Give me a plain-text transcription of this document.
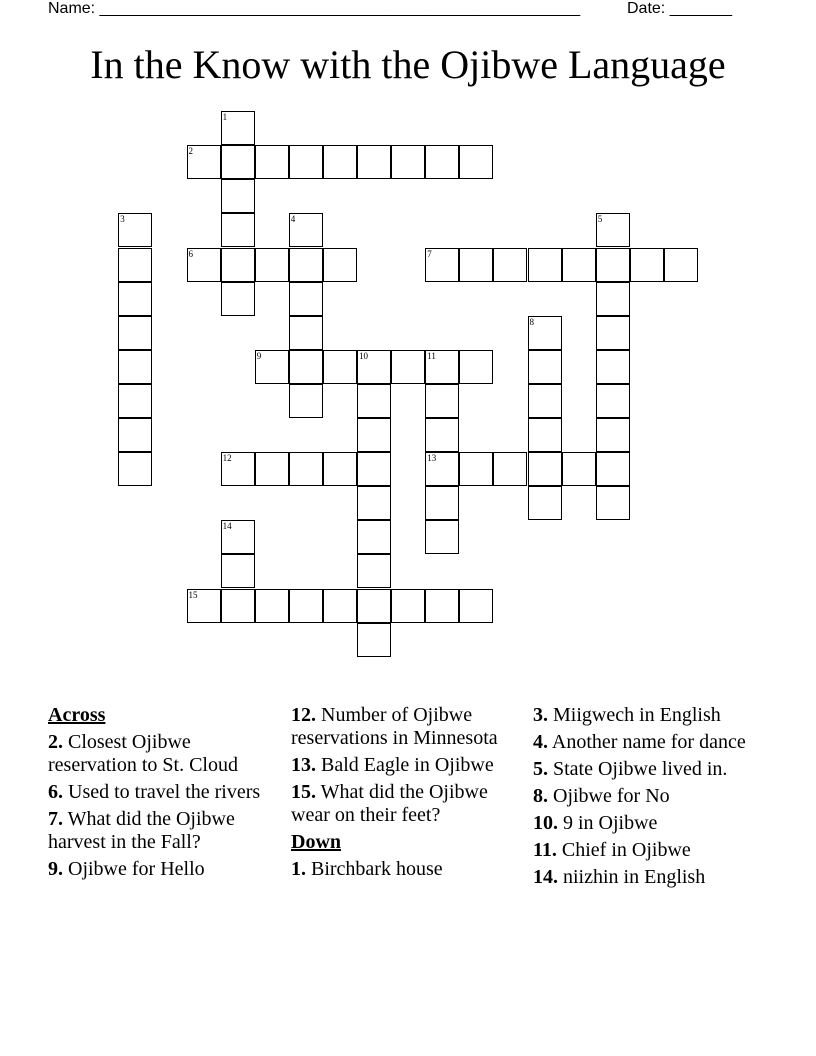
Name: ______________________________________________________	Date: _______
In the Know with the Ojibwe Language
1
2
3	4	5
6	7
8
9	10	11
12	13
14
15
Across
2. Closest Ojibwe reservation to St. Cloud
6. Used to travel the rivers
7. What did the Ojibwe harvest in the Fall?
9. Ojibwe for Hello
12. Number of Ojibwe reservations in Minnesota
13. Bald Eagle in Ojibwe
15. What did the Ojibwe wear on their feet?
Down
1. Birchbark house
3. Miigwech in English
4. Another name for dance
5. State Ojibwe lived in.
8. Ojibwe for No
10. 9 in Ojibwe
11. Chief in Ojibwe
14. niizhin in English
